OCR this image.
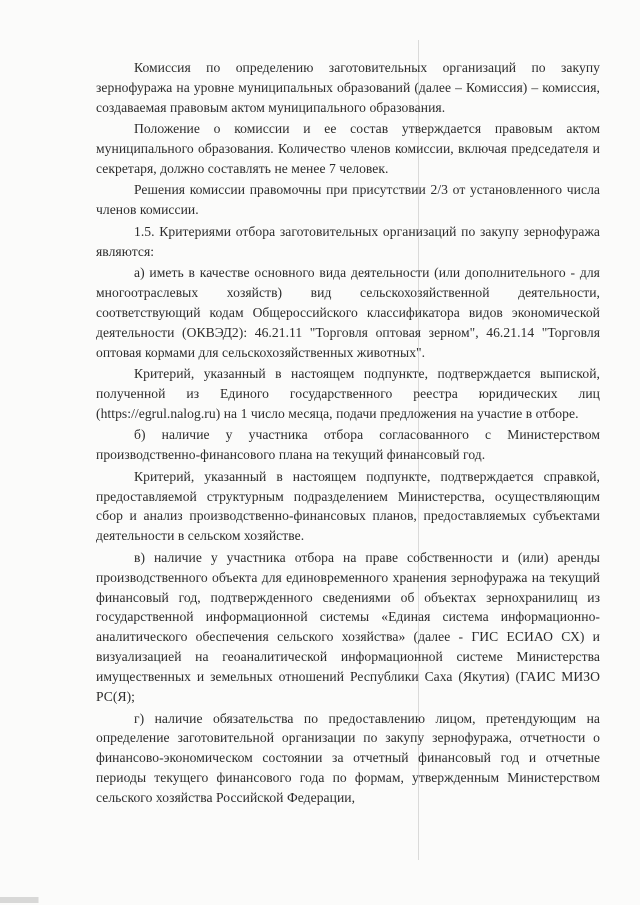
Комиссия по определению заготовительных организаций по закупу зернофуража на уровне муниципальных образований (далее – Комиссия) – комиссия, создаваемая правовым актом муниципального образования.

Положение о комиссии и ее состав утверждается правовым актом муниципального образования. Количество членов комиссии, включая председателя и секретаря, должно составлять не менее 7 человек.

Решения комиссии правомочны при присутствии 2/3 от установленного числа членов комиссии.

1.5. Критериями отбора заготовительных организаций по закупу зернофуража являются:

а) иметь в качестве основного вида деятельности (или дополнительного - для многоотраслевых хозяйств) вид сельскохозяйственной деятельности, соответствующий кодам Общероссийского классификатора видов экономической деятельности (ОКВЭД2): 46.21.11 "Торговля оптовая зерном", 46.21.14 "Торговля оптовая кормами для сельскохозяйственных животных".

Критерий, указанный в настоящем подпункте, подтверждается выпиской, полученной из Единого государственного реестра юридических лиц (https://egrul.nalog.ru) на 1 число месяца, подачи предложения на участие в отборе.

б) наличие у участника отбора согласованного с Министерством производственно-финансового плана на текущий финансовый год.

Критерий, указанный в настоящем подпункте, подтверждается справкой, предоставляемой структурным подразделением Министерства, осуществляющим сбор и анализ производственно-финансовых планов, предоставляемых субъектами деятельности в сельском хозяйстве.

в) наличие у участника отбора на праве собственности и (или) аренды производственного объекта для единовременного хранения зернофуража на текущий финансовый год, подтвержденного сведениями об объектах зернохранилищ из государственной информационной системы «Единая система информационно-аналитического обеспечения сельского хозяйства» (далее - ГИС ЕСИАО СХ) и визуализацией на геоаналитической информационной системе Министерства имущественных и земельных отношений Республики Саха (Якутия) (ГАИС МИЗО РС(Я);

г) наличие обязательства по предоставлению лицом, претендующим на определение заготовительной организации по закупу зернофуража, отчетности о финансово-экономическом состоянии за отчетный финансовый год и отчетные периоды текущего финансового года по формам, утвержденным Министерством сельского хозяйства Российской Федерации,
